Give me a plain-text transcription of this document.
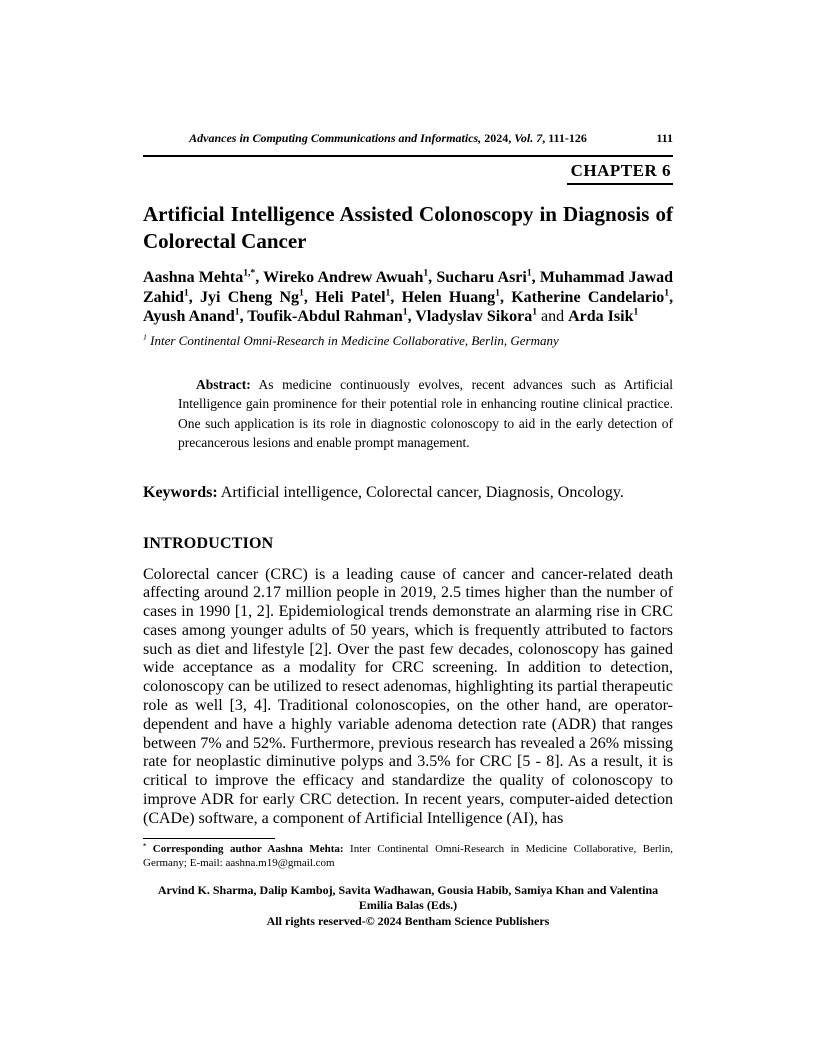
Advances in Computing Communications and Informatics, 2024, Vol. 7, 111-126	111
CHAPTER 6
Artificial Intelligence Assisted Colonoscopy in Diagnosis of Colorectal Cancer
Aashna Mehta$^{1,*}$, Wireko Andrew Awuah$^1$, Sucharu Asri$^1$, Muhammad Jawad Zahid$^1$, Jyi Cheng Ng$^1$, Heli Patel$^1$, Helen Huang$^1$, Katherine Candelario$^1$, Ayush Anand$^1$, Toufik-Abdul Rahman$^1$, Vladyslav Sikora$^1$ and Arda Isik$^1$
$^1$ Inter Continental Omni-Research in Medicine Collaborative, Berlin, Germany
Abstract: As medicine continuously evolves, recent advances such as Artificial Intelligence gain prominence for their potential role in enhancing routine clinical practice. One such application is its role in diagnostic colonoscopy to aid in the early detection of precancerous lesions and enable prompt management.
Keywords: Artificial intelligence, Colorectal cancer, Diagnosis, Oncology.
INTRODUCTION
Colorectal cancer (CRC) is a leading cause of cancer and cancer-related death affecting around 2.17 million people in 2019, 2.5 times higher than the number of cases in 1990 [1, 2]. Epidemiological trends demonstrate an alarming rise in CRC cases among younger adults of 50 years, which is frequently attributed to factors such as diet and lifestyle [2]. Over the past few decades, colonoscopy has gained wide acceptance as a modality for CRC screening. In addition to detection, colonoscopy can be utilized to resect adenomas, highlighting its partial therapeutic role as well [3, 4]. Traditional colonoscopies, on the other hand, are operator-dependent and have a highly variable adenoma detection rate (ADR) that ranges between 7% and 52%. Furthermore, previous research has revealed a 26% missing rate for neoplastic diminutive polyps and 3.5% for CRC [5 - 8]. As a result, it is critical to improve the efficacy and standardize the quality of colonoscopy to improve ADR for early CRC detection. In recent years, computer-aided detection (CADe) software, a component of Artificial Intelligence (AI), has
* Corresponding author Aashna Mehta: Inter Continental Omni-Research in Medicine Collaborative, Berlin, Germany; E-mail: aashna.m19@gmail.com
Arvind K. Sharma, Dalip Kamboj, Savita Wadhawan, Gousia Habib, Samiya Khan and Valentina
Emilia Balas (Eds.)
All rights reserved-© 2024 Bentham Science Publishers
